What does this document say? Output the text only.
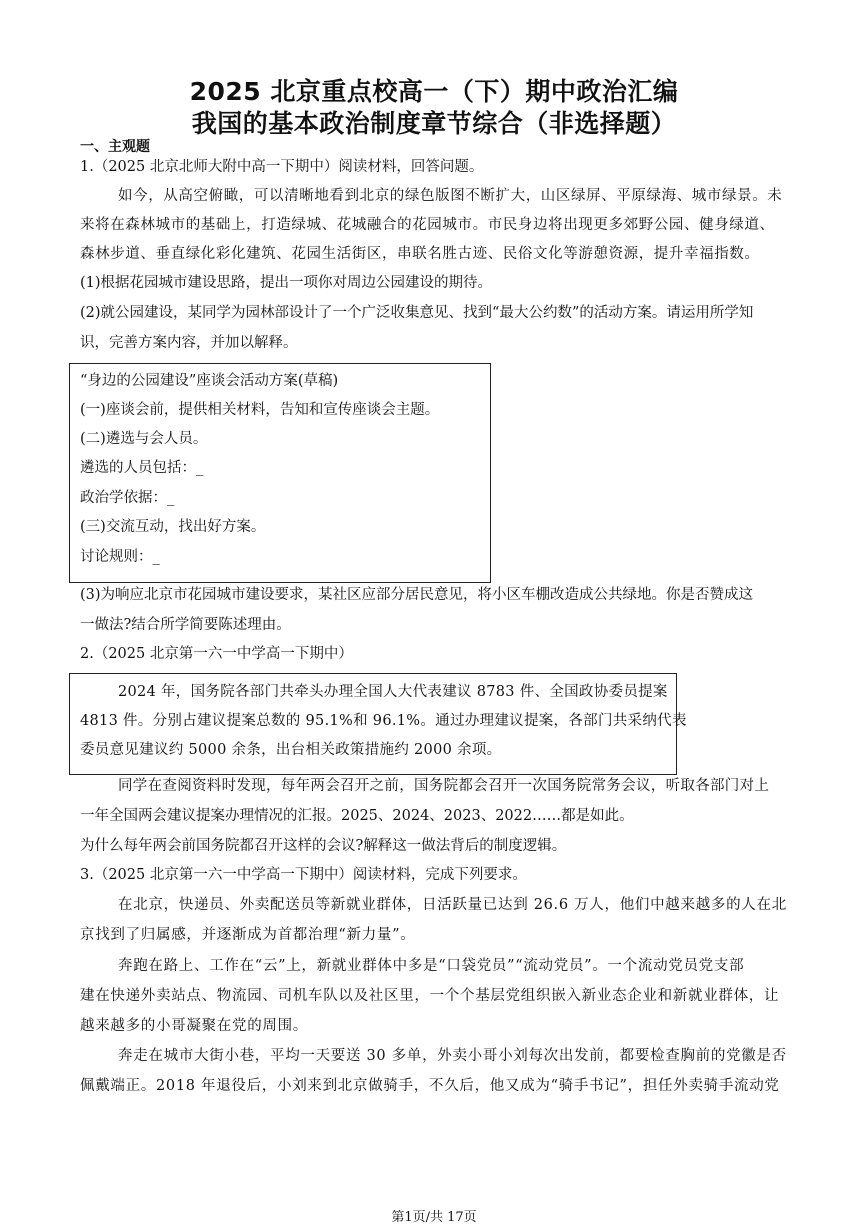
2025 北京重点校高一（下）期中政治汇编
我国的基本政治制度章节综合（非选择题）
一、主观题
1.（2025 北京北师大附中高一下期中）阅读材料，回答问题。
如今，从高空俯瞰，可以清晰地看到北京的绿色版图不断扩大，山区绿屏、平原绿海、城市绿景。未
来将在森林城市的基础上，打造绿城、花城融合的花园城市。市民身边将出现更多郊野公园、健身绿道、
森林步道、垂直绿化彩化建筑、花园生活街区，串联名胜古迹、民俗文化等游憩资源，提升幸福指数。
(1)根据花园城市建设思路，提出一项你对周边公园建设的期待。
(2)就公园建设，某同学为园林部设计了一个广泛收集意见、找到“最大公约数”的活动方案。请运用所学知
识，完善方案内容，并加以解释。
“身边的公园建设”座谈会活动方案(草稿)
(一)座谈会前，提供相关材料，告知和宣传座谈会主题。
(二)遴选与会人员。
遴选的人员包括：_
政治学依据：_
(三)交流互动，找出好方案。
讨论规则：_
(3)为响应北京市花园城市建设要求，某社区应部分居民意见，将小区车棚改造成公共绿地。你是否赞成这
一做法?结合所学简要陈述理由。
2.（2025 北京第一六一中学高一下期中）
2024 年，国务院各部门共牵头办理全国人大代表建议 8783 件、全国政协委员提案
4813 件。分别占建议提案总数的 95.1%和 96.1%。通过办理建议提案，各部门共采纳代表
委员意见建议约 5000 余条，出台相关政策措施约 2000 余项。
同学在查阅资料时发现，每年两会召开之前，国务院都会召开一次国务院常务会议，听取各部门对上
一年全国两会建议提案办理情况的汇报。2025、2024、2023、2022……都是如此。
为什么每年两会前国务院都召开这样的会议?解释这一做法背后的制度逻辑。
3.（2025 北京第一六一中学高一下期中）阅读材料，完成下列要求。
在北京，快递员、外卖配送员等新就业群体，日活跃量已达到 26.6 万人，他们中越来越多的人在北
京找到了归属感，并逐渐成为首都治理“新力量”。
奔跑在路上、工作在“云”上，新就业群体中多是“口袋党员”“流动党员”。一个流动党员党支部
建在快递外卖站点、物流园、司机车队以及社区里，一个个基层党组织嵌入新业态企业和新就业群体，让
越来越多的小哥凝聚在党的周围。
奔走在城市大街小巷，平均一天要送 30 多单，外卖小哥小刘每次出发前，都要检查胸前的党徽是否
佩戴端正。2018 年退役后，小刘来到北京做骑手，不久后，他又成为“骑手书记”，担任外卖骑手流动党
第1页/共 17页
